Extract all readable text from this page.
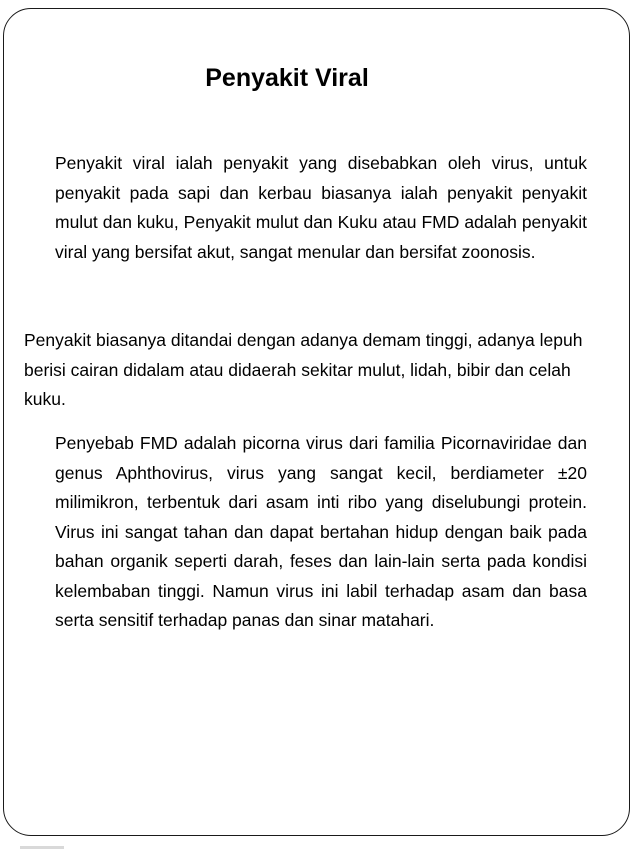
Penyakit Viral

Penyakit viral ialah penyakit yang disebabkan oleh virus, untuk penyakit pada sapi dan kerbau biasanya ialah penyakit penyakit mulut dan kuku, Penyakit mulut dan Kuku atau FMD adalah penyakit viral yang bersifat akut, sangat menular dan bersifat zoonosis.

Penyakit biasanya ditandai dengan adanya demam tinggi, adanya lepuh berisi cairan didalam atau didaerah sekitar mulut, lidah, bibir dan celah kuku.

Penyebab FMD adalah picorna virus dari familia Picornaviridae dan genus Aphthovirus, virus yang sangat kecil, berdiameter ±20 milimikron, terbentuk dari asam inti ribo yang diselubungi protein. Virus ini sangat tahan dan dapat bertahan hidup dengan baik pada bahan organik seperti darah, feses dan lain-lain serta pada kondisi kelembaban tinggi. Namun virus ini labil terhadap asam dan basa serta sensitif terhadap panas dan sinar matahari.
